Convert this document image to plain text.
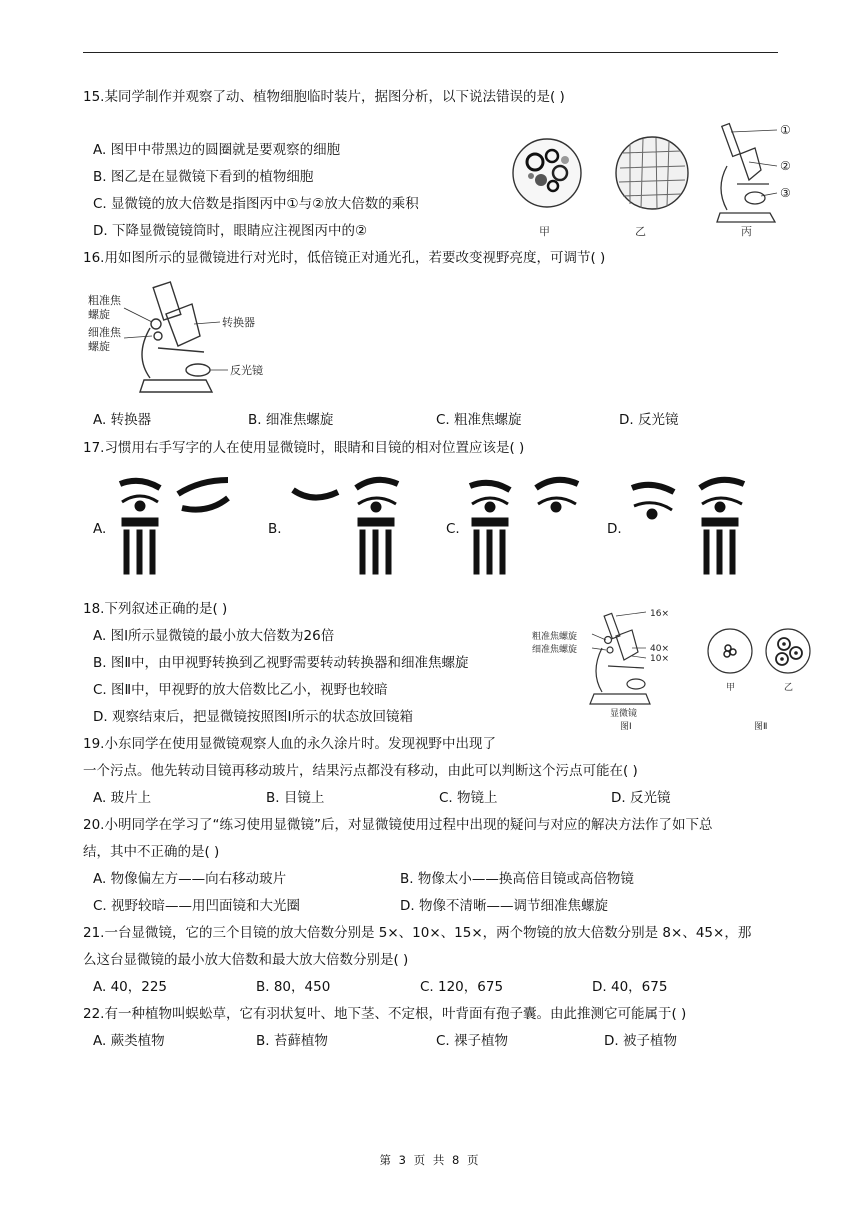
15.某同学制作并观察了动、植物细胞临时装片，据图分析，以下说法错误的是( )
A. 图甲中带黑边的圆圈就是要观察的细胞
B. 图乙是在显微镜下看到的植物细胞
C. 显微镜的放大倍数是指图丙中①与②放大倍数的乘积
D. 下降显微镜镜筒时，眼睛应注视图丙中的②
①
②
③
甲	乙	丙
16.用如图所示的显微镜进行对光时，低倍镜正对通光孔，若要改变视野亮度，可调节( )
粗准焦
螺旋
细准焦
螺旋
转换器
反光镜
A. 转换器	B. 细准焦螺旋	C. 粗准焦螺旋	D. 反光镜
17.习惯用右手写字的人在使用显微镜时，眼睛和目镜的相对位置应该是( )
A.	B.	C.	D.
18.下列叙述正确的是( )
A. 图Ⅰ所示显微镜的最小放大倍数为26倍
B. 图Ⅱ中，由甲视野转换到乙视野需要转动转换器和细准焦螺旋
C. 图Ⅱ中，甲视野的放大倍数比乙小，视野也较暗
D. 观察结束后，把显微镜按照图Ⅰ所示的状态放回镜箱
16×
40×
10×
粗准焦螺旋
细准焦螺旋
显微镜
图Ⅰ
甲	乙
图Ⅱ
19.小东同学在使用显微镜观察人血的永久涂片时。发现视野中出现了
一个污点。他先转动目镜再移动玻片，结果污点都没有移动，由此可以判断这个污点可能在( )
A. 玻片上	B. 目镜上	C. 物镜上	D. 反光镜
20.小明同学在学习了“练习使用显微镜”后，对显微镜使用过程中出现的疑问与对应的解决方法作了如下总
结，其中不正确的是( )
A. 物像偏左方——向右移动玻片	B. 物像太小——换高倍目镜或高倍物镜
C. 视野较暗——用凹面镜和大光圈	D. 物像不清晰——调节细准焦螺旋
21.一台显微镜，它的三个目镜的放大倍数分别是 5×、10×、15×，两个物镜的放大倍数分别是 8×、45×，那
么这台显微镜的最小放大倍数和最大放大倍数分别是( )
A. 40，225	B. 80，450	C. 120，675	D. 40，675
22.有一种植物叫蜈蚣草，它有羽状复叶、地下茎、不定根，叶背面有孢子囊。由此推测它可能属于( )
A. 蕨类植物	B. 苔藓植物	C. 裸子植物	D. 被子植物
第 3 页 共 8 页
